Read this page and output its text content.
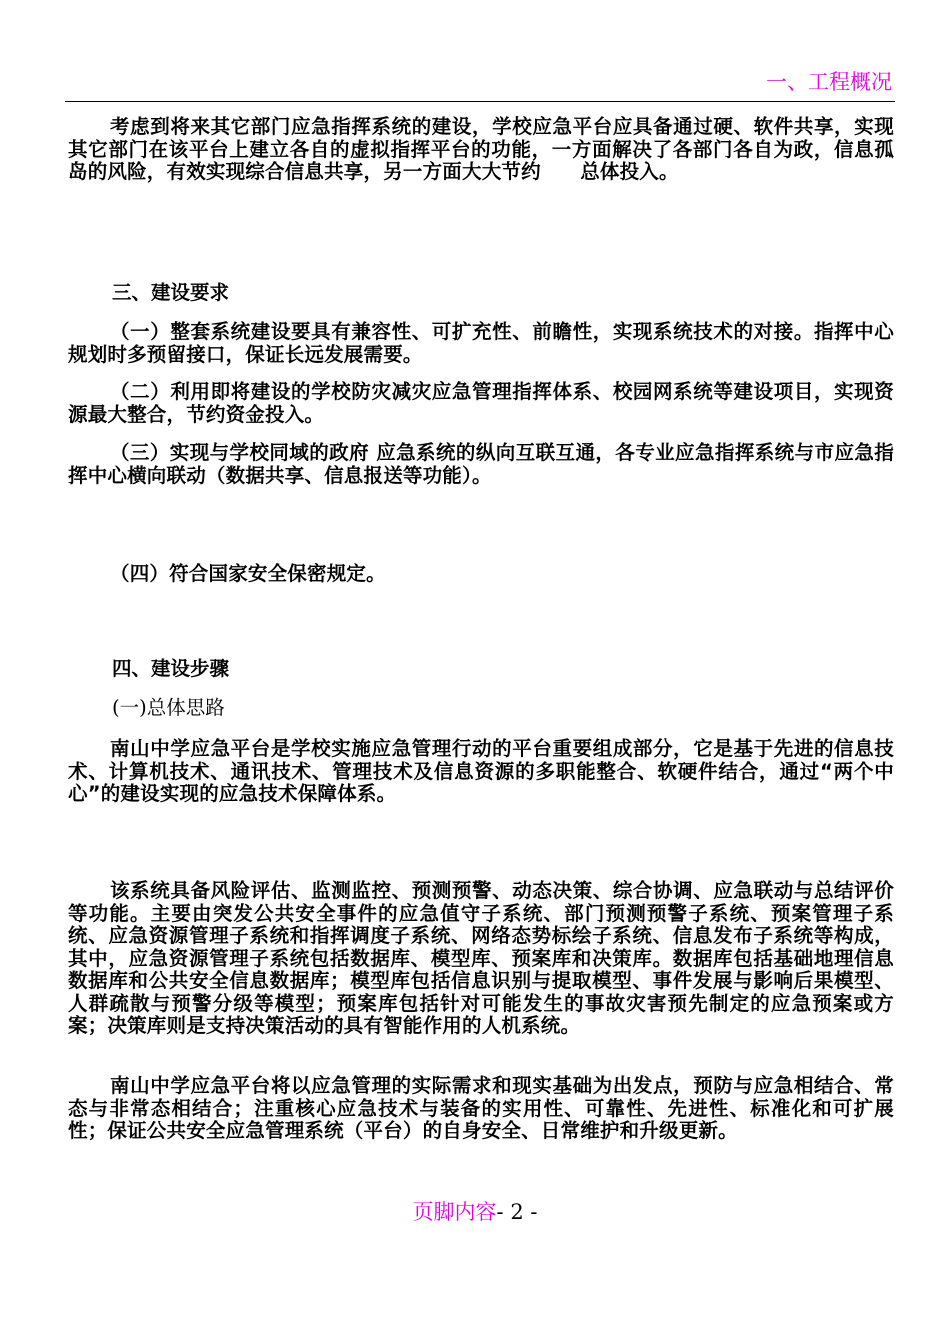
一、工程概况

考虑到将来其它部门应急指挥系统的建设，学校应急平台应具备通过硬、软件共享，实现其它部门在该平台上建立各自的虚拟指挥平台的功能，一方面解决了各部门各自为政，信息孤岛的风险，有效实现综合信息共享，另一方面大大节约　　总体投入。

三、建设要求

（一）整套系统建设要具有兼容性、可扩充性、前瞻性，实现系统技术的对接。指挥中心规划时多预留接口，保证长远发展需要。

（二）利用即将建设的学校防灾减灾应急管理指挥体系、校园网系统等建设项目，实现资源最大整合，节约资金投入。

（三）实现与学校同域的政府 应急系统的纵向互联互通，各专业应急指挥系统与市应急指挥中心横向联动（数据共享、信息报送等功能）。

（四）符合国家安全保密规定。

四、建设步骤

(一)总体思路

南山中学应急平台是学校实施应急管理行动的平台重要组成部分，它是基于先进的信息技术、计算机技术、通讯技术、管理技术及信息资源的多职能整合、软硬件结合，通过“两个中心”的建设实现的应急技术保障体系。

该系统具备风险评估、监测监控、预测预警、动态决策、综合协调、应急联动与总结评价等功能。主要由突发公共安全事件的应急值守子系统、部门预测预警子系统、预案管理子系统、应急资源管理子系统和指挥调度子系统、网络态势标绘子系统、信息发布子系统等构成，其中，应急资源管理子系统包括数据库、模型库、预案库和决策库。数据库包括基础地理信息数据库和公共安全信息数据库；模型库包括信息识别与提取模型、事件发展与影响后果模型、人群疏散与预警分级等模型；预案库包括针对可能发生的事故灾害预先制定的应急预案或方案；决策库则是支持决策活动的具有智能作用的人机系统。

南山中学应急平台将以应急管理的实际需求和现实基础为出发点，预防与应急相结合、常态与非常态相结合；注重核心应急技术与装备的实用性、可靠性、先进性、标准化和可扩展性；保证公共安全应急管理系统（平台）的自身安全、日常维护和升级更新。

页脚内容- 2 -
